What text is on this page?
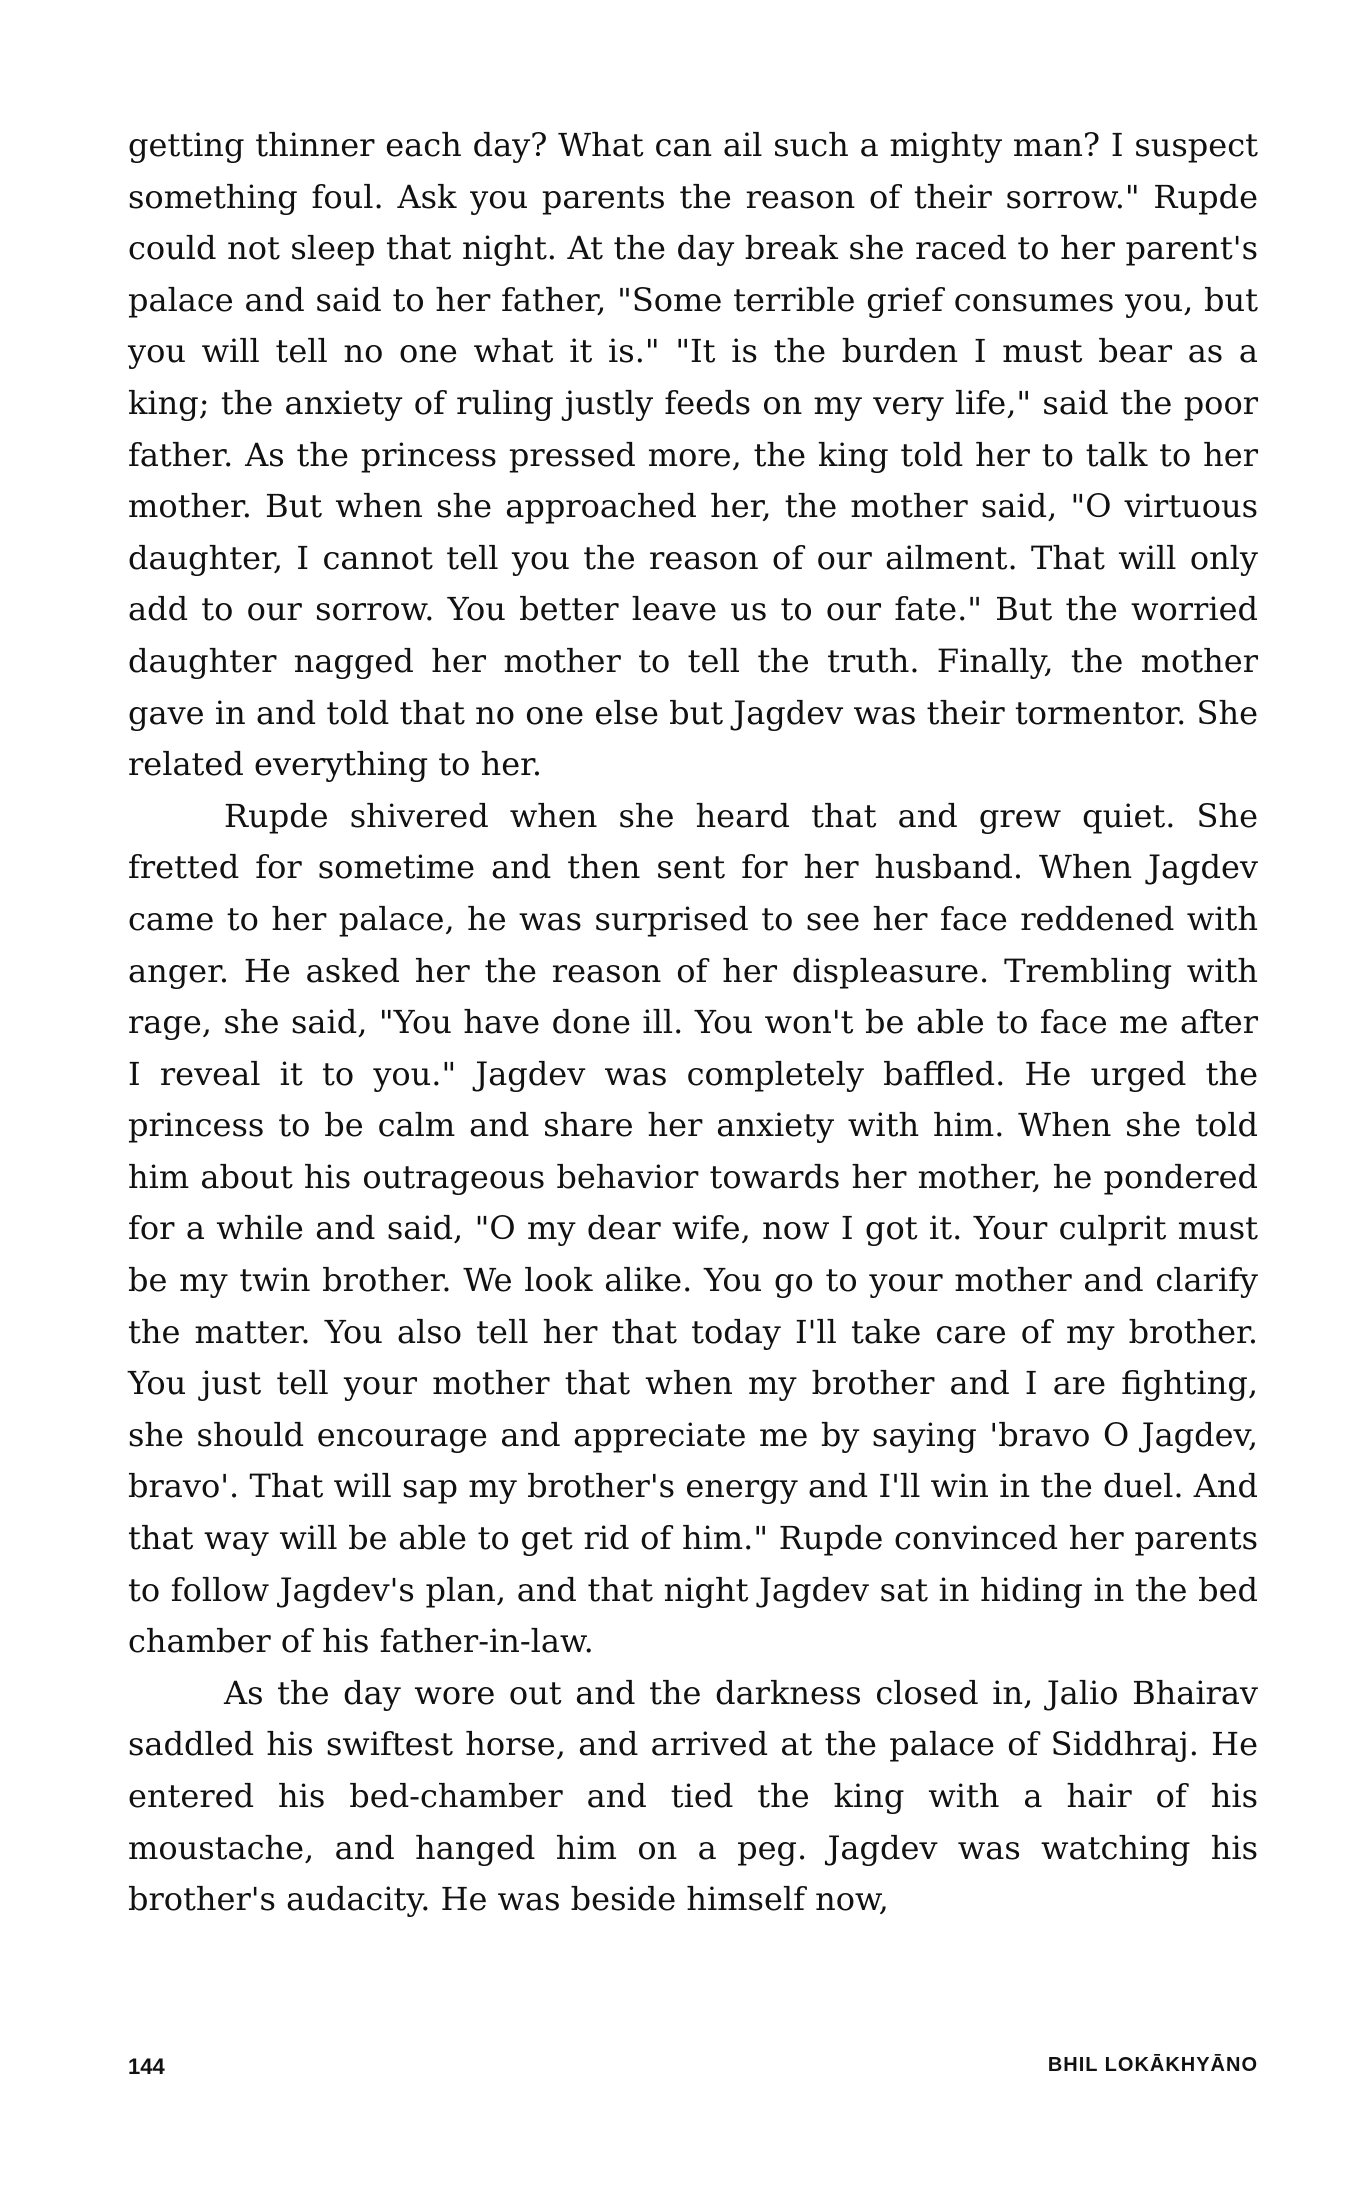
getting thinner each day? What can ail such a mighty man? I suspect something foul. Ask you parents the reason of their sorrow." Rupde could not sleep that night. At the day break she raced to her parent's palace and said to her father, "Some terrible grief consumes you, but you will tell no one what it is." "It is the burden I must bear as a king; the anxiety of ruling justly feeds on my very life," said the poor father. As the princess pressed more, the king told her to talk to her mother. But when she approached her, the mother said, "O virtuous daughter, I cannot tell you the reason of our ailment. That will only add to our sorrow. You better leave us to our fate." But the worried daughter nagged her mother to tell the truth. Finally, the mother gave in and told that no one else but Jagdev was their tormentor. She related everything to her.

Rupde shivered when she heard that and grew quiet. She fretted for sometime and then sent for her husband. When Jagdev came to her palace, he was surprised to see her face reddened with anger. He asked her the reason of her displeasure. Trembling with rage, she said, "You have done ill. You won't be able to face me after I reveal it to you." Jagdev was completely baffled. He urged the princess to be calm and share her anxiety with him. When she told him about his outrageous behavior towards her mother, he pondered for a while and said, "O my dear wife, now I got it. Your culprit must be my twin brother. We look alike. You go to your mother and clarify the matter. You also tell her that today I'll take care of my brother. You just tell your mother that when my brother and I are fighting, she should encourage and appreciate me by saying 'bravo O Jagdev, bravo'. That will sap my brother's energy and I'll win in the duel. And that way will be able to get rid of him." Rupde convinced her parents to follow Jagdev's plan, and that night Jagdev sat in hiding in the bed chamber of his father-in-law.

As the day wore out and the darkness closed in, Jalio Bhairav saddled his swiftest horse, and arrived at the palace of Siddhraj. He entered his bed-chamber and tied the king with a hair of his moustache, and hanged him on a peg. Jagdev was watching his brother's audacity. He was beside himself now,

144	BHIL LOKĀKHYĀNO
